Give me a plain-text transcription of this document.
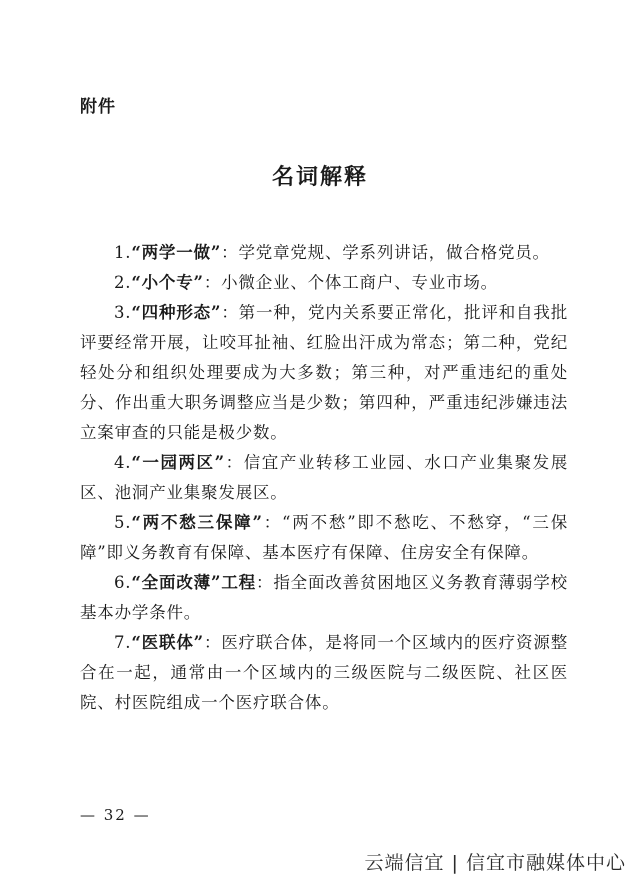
附件
名词解释

1.“两学一做”：学党章党规、学系列讲话，做合格党员。

2.“小个专”：小微企业、个体工商户、专业市场。

3.“四种形态”：第一种，党内关系要正常化，批评和自我批评要经常开展，让咬耳扯袖、红脸出汗成为常态；第二种，党纪轻处分和组织处理要成为大多数；第三种，对严重违纪的重处分、作出重大职务调整应当是少数；第四种，严重违纪涉嫌违法立案审查的只能是极少数。

4.“一园两区”：信宜产业转移工业园、水口产业集聚发展区、池洞产业集聚发展区。

5.“两不愁三保障”：“两不愁”即不愁吃、不愁穿，“三保障”即义务教育有保障、基本医疗有保障、住房安全有保障。

6.“全面改薄”工程：指全面改善贫困地区义务教育薄弱学校基本办学条件。

7.“医联体”：医疗联合体，是将同一个区域内的医疗资源整合在一起，通常由一个区域内的三级医院与二级医院、社区医院、村医院组成一个医疗联合体。

— 32 —
云端信宜 | 信宜市融媒体中心
